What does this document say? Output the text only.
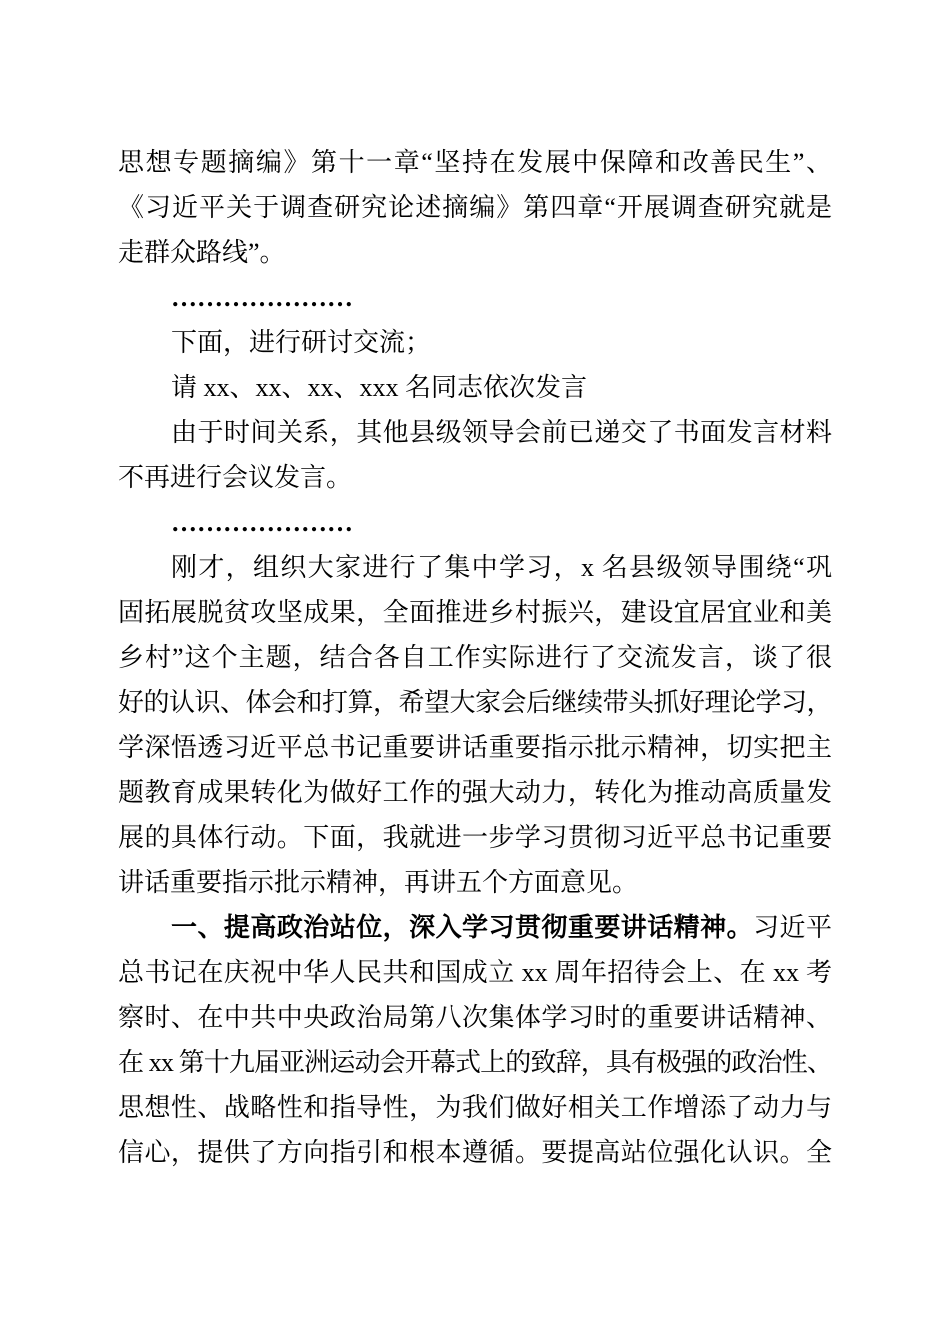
思想专题摘编》第十一章“坚持在发展中保障和改善民生”、
《习近平关于调查研究论述摘编》第四章“开展调查研究就是
走群众路线”。
…………………
下面，进行研讨交流；
请 xx、xx、xx、xxx 名同志依次发言
由于时间关系，其他县级领导会前已递交了书面发言材料
不再进行会议发言。
…………………
刚才，组织大家进行了集中学习，x 名县级领导围绕“巩
固拓展脱贫攻坚成果，全面推进乡村振兴，建设宜居宜业和美
乡村”这个主题，结合各自工作实际进行了交流发言，谈了很
好的认识、体会和打算，希望大家会后继续带头抓好理论学习，
学深悟透习近平总书记重要讲话重要指示批示精神，切实把主
题教育成果转化为做好工作的强大动力，转化为推动高质量发
展的具体行动。下面，我就进一步学习贯彻习近平总书记重要
讲话重要指示批示精神，再讲五个方面意见。
一、提高政治站位，深入学习贯彻重要讲话精神。习近平
总书记在庆祝中华人民共和国成立 xx 周年招待会上、在 xx 考
察时、在中共中央政治局第八次集体学习时的重要讲话精神、
在 xx 第十九届亚洲运动会开幕式上的致辞，具有极强的政治性、
思想性、战略性和指导性，为我们做好相关工作增添了动力与
信心，提供了方向指引和根本遵循。要提高站位强化认识。全
